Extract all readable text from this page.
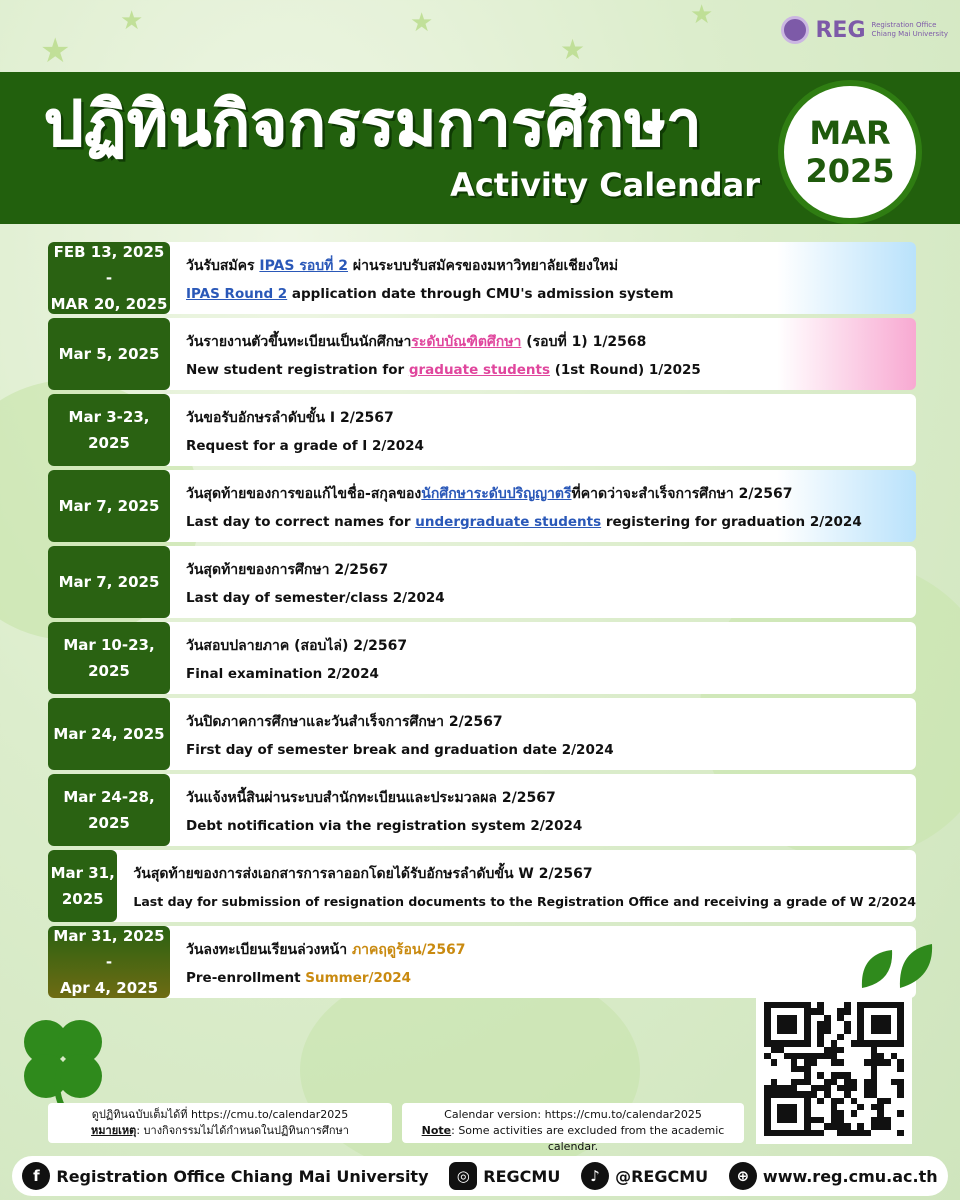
★
★	★
★
★	REG Registration Office
Chiang Mai University
ปฏิทินกิจกรรมการศึกษา
Activity Calendar
MAR
2025
FEB 13, 2025
-
MAR 20, 2025
วันรับสมัคร IPAS รอบที่ 2 ผ่านระบบรับสมัครของมหาวิทยาลัยเชียงใหม่
IPAS Round 2 application date through CMU's admission system
Mar 5, 2025
วันรายงานตัวขึ้นทะเบียนเป็นนักศึกษาระดับบัณฑิตศึกษา (รอบที่ 1) 1/2568
New student registration for graduate students (1st Round) 1/2025
Mar 3-23,
2025
วันขอรับอักษรลำดับขั้น I 2/2567
Request for a grade of I 2/2024
Mar 7, 2025
วันสุดท้ายของการขอแก้ไขชื่อ-สกุลของนักศึกษาระดับปริญญาตรีที่คาดว่าจะสำเร็จการศึกษา 2/2567
Last day to correct names for undergraduate students registering for graduation 2/2024
Mar 7, 2025
วันสุดท้ายของการศึกษา 2/2567
Last day of semester/class 2/2024
Mar 10-23,
2025
วันสอบปลายภาค (สอบไล่) 2/2567
Final examination 2/2024
Mar 24, 2025
วันปิดภาคการศึกษาและวันสำเร็จการศึกษา 2/2567
First day of semester break and graduation date 2/2024
Mar 24-28,
2025
วันแจ้งหนี้สินผ่านระบบสำนักทะเบียนและประมวลผล 2/2567
Debt notification via the registration system 2/2024
Mar 31, 2025
วันสุดท้ายของการส่งเอกสารการลาออกโดยได้รับอักษรลำดับขั้น W 2/2567
Last day for submission of resignation documents to the Registration Office and receiving a grade of W 2/2024
Mar 31, 2025
-
Apr 4, 2025
วันลงทะเบียนเรียนล่วงหน้า ภาคฤดูร้อน/2567
Pre-enrollment Summer/2024
ดูปฏิทินฉบับเต็มได้ที่ https://cmu.to/calendar2025
หมายเหตุ: บางกิจกรรมไม่ได้กำหนดในปฏิทินการศึกษา
Calendar version: https://cmu.to/calendar2025
Note: Some activities are excluded from the academic calendar.
f	Registration Office Chiang Mai University	◎ REGCMU	♪ @REGCMU	⊕ www.reg.cmu.ac.th
